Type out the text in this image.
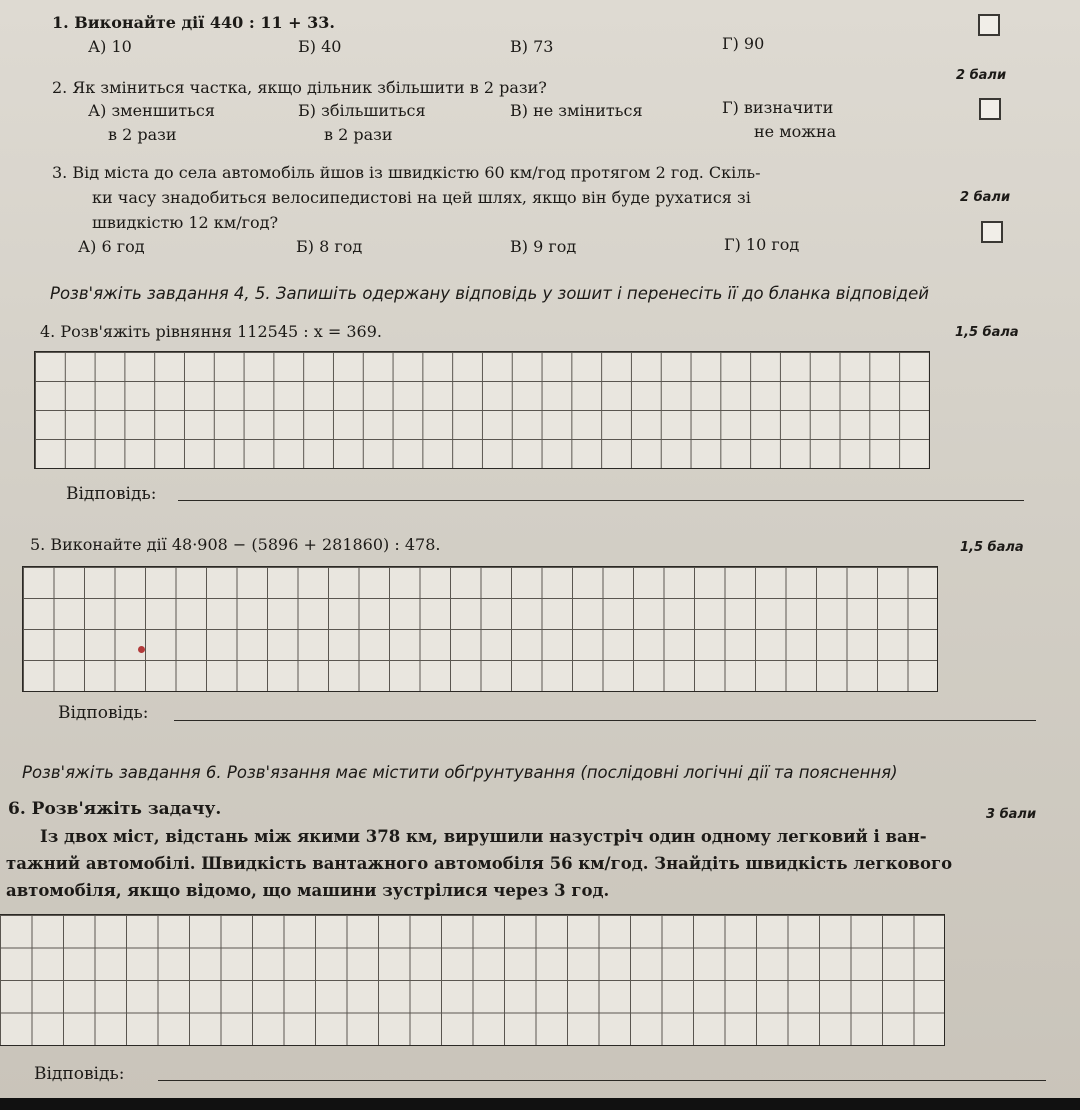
1. Виконайте дії 440 : 11 + 33.
А) 10	Б) 40	В) 73	Г) 90
2. Як зміниться частка, якщо дільник збільшити в 2 рази?
2 бали
А) зменшиться
в 2 рази
Б) збільшиться
в 2 рази
В) не зміниться	Г) визначити
не можна
3. Від міста до села автомобіль йшов із швидкістю 60 км/год протягом 2 год. Скіль-
ки часу знадобиться велосипедистові на цей шлях, якщо він буде рухатися зі
швидкістю 12 км/год?
2 бали
А) 6 год	Б) 8 год	В) 9 год	Г) 10 год
Розв'яжіть завдання 4, 5. Запишіть одержану відповідь у зошит і перенесіть її до бланка відповідей
4. Розв'яжіть рівняння 112545 : x = 369.	1,5 бала
Відповідь:
5. Виконайте дії 48·908 − (5896 + 281860) : 478.	1,5 бала
Відповідь:
Розв'яжіть завдання 6. Розв'язання має містити обґрунтування (послідовні логічні дії та пояснення)
6. Розв'яжіть задачу.	3 бали
Із двох міст, відстань між якими 378 км, вирушили назустріч один одному легковий і ван-
тажний автомобілі. Швидкість вантажного автомобіля 56 км/год. Знайдіть швидкість легкового
автомобіля, якщо відомо, що машини зустрілися через 3 год.
Відповідь:
